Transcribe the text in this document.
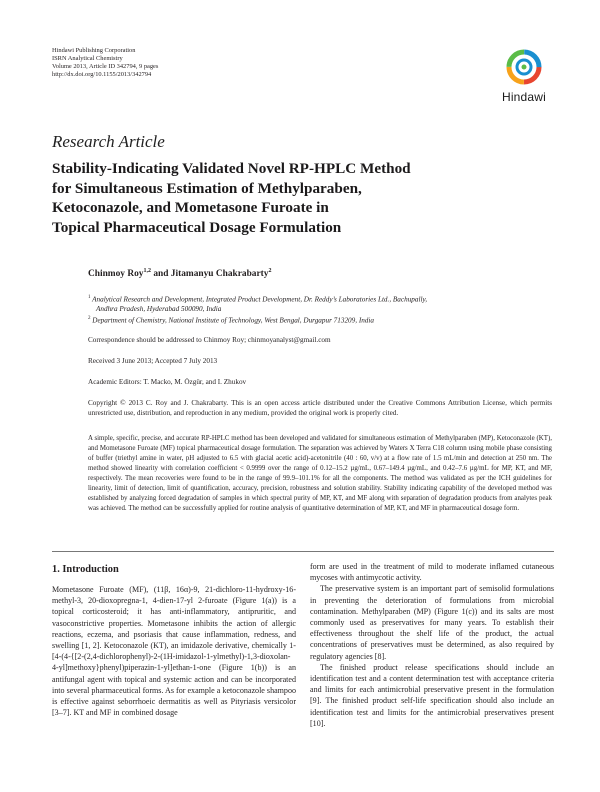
Hindawi Publishing Corporation
ISRN Analytical Chemistry
Volume 2013, Article ID 342794, 9 pages
http://dx.doi.org/10.1155/2013/342794
Hindawi
Research Article
Stability-Indicating Validated Novel RP-HPLC Method
for Simultaneous Estimation of Methylparaben,
Ketoconazole, and Mometasone Furoate in
Topical Pharmaceutical Dosage Formulation
Chinmoy Roy$^{1,2}$ and Jitamanyu Chakrabarty$^2$
$^1$ Analytical Research and Development, Integrated Product Development, Dr. Reddy’s Laboratories Ltd., Bachupally,
Andhra Pradesh, Hyderabad 500090, India
$^2$ Department of Chemistry, National Institute of Technology, West Bengal, Durgapur 713209, India
Correspondence should be addressed to Chinmoy Roy; chinmoyanalyst@gmail.com
Received 3 June 2013; Accepted 7 July 2013
Academic Editors: T. Macko, M. Özgür, and I. Zhukov
Copyright © 2013 C. Roy and J. Chakrabarty. This is an open access article distributed under the Creative Commons Attribution License, which permits unrestricted use, distribution, and reproduction in any medium, provided the original work is properly cited.
A simple, specific, precise, and accurate RP-HPLC method has been developed and validated for simultaneous estimation of Methylparaben (MP), Ketoconazole (KT), and Mometasone Furoate (MF) topical pharmaceutical dosage formulation. The separation was achieved by Waters X Terra C18 column using mobile phase consisting of buffer (triethyl amine in water, pH adjusted to 6.5 with glacial acetic acid)-acetonitrile (40 : 60, v/v) at a flow rate of 1.5 mL/min and detection at 250 nm. The method showed linearity with correlation coefficient < 0.9999 over the range of 0.12–15.2 µg/mL, 0.67–149.4 µg/mL, and 0.42–7.6 µg/mL for MP, KT, and MF, respectively. The mean recoveries were found to be in the range of 99.9–101.1% for all the components. The method was validated as per the ICH guidelines for linearity, limit of detection, limit of quantification, accuracy, precision, robustness and solution stability. Stability indicating capability of the developed method was established by analyzing forced degradation of samples in which spectral purity of MP, KT, and MF along with separation of degradation products from analytes peak was achieved. The method can be successfully applied for routine analysis of quantitative determination of MP, KT, and MF in pharmaceutical dosage form.
1. Introduction

Mometasone Furoate (MF), (11β, 16α)-9, 21-dichloro-11-hydroxy-16-methyl-3, 20-dioxopregna-1, 4-dien-17-yl 2-furoate (Figure 1(a)) is a topical corticosteroid; it has anti-inflammatory, antipruritic, and vasoconstrictive properties. Mometasone inhibits the action of allergic reactions, eczema, and psoriasis that cause inflammation, redness, and swelling [1, 2]. Ketoconazole (KT), an imidazole derivative, chemically 1-[4-(4-{[2-(2,4-dichlorophenyl)-2-(1H-imidazol-1-ylmethyl)-1,3-dioxolan-4-yl]methoxy}phenyl)piperazin-1-yl]ethan-1-one (Figure 1(b)) is an antifungal agent with topical and systemic action and can be incorporated into several pharmaceutical forms. As for example a ketoconazole shampoo is effective against seborrhoeic dermatitis as well as Pityriasis versicolor [3–7]. KT and MF in combined dosage

form are used in the treatment of mild to moderate inflamed cutaneous mycoses with antimycotic activity.

The preservative system is an important part of semisolid formulations in preventing the deterioration of formulations from microbial contamination. Methylparaben (MP) (Figure 1(c)) and its salts are most commonly used as preservatives for many years. To establish their effectiveness throughout the shelf life of the product, the actual concentrations of preservatives must be determined, as also required by regulatory agencies [8].

The finished product release specifications should include an identification test and a content determination test with acceptance criteria and limits for each antimicrobial preservative present in the formulation [9]. The finished product self-life specification should also include an identification test and limits for the antimicrobial preservatives present [10].
